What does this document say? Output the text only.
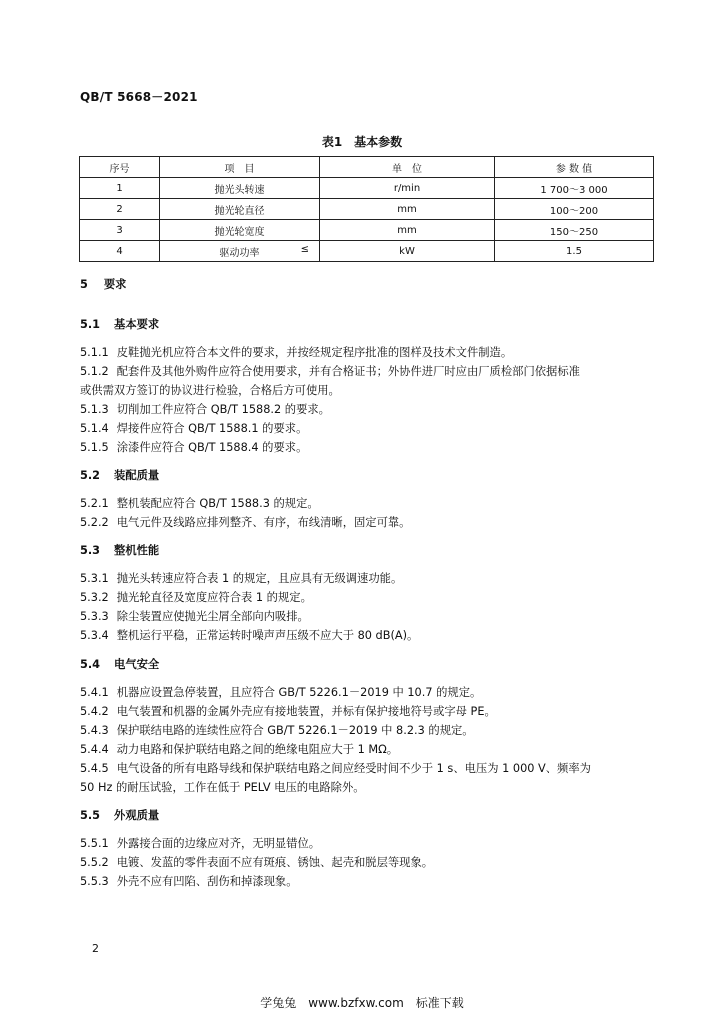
QB/T 5668－2021
表1　基本参数
序号	项　目	单　位	参 数 值
1	抛光头转速	r/min	1 700～3 000
2	抛光轮直径	mm	100～200
3	抛光轮宽度	mm	150～250
4	驱动功率 ≤	kW	1.5
5 要求
5.1 基本要求
5.1.1 皮鞋抛光机应符合本文件的要求，并按经规定程序批准的图样及技术文件制造。
5.1.2 配套件及其他外购件应符合使用要求，并有合格证书；外协件进厂时应由厂质检部门依据标准
或供需双方签订的协议进行检验，合格后方可使用。
5.1.3 切削加工件应符合 QB/T 1588.2 的要求。
5.1.4 焊接件应符合 QB/T 1588.1 的要求。
5.1.5 涂漆件应符合 QB/T 1588.4 的要求。
5.2 装配质量
5.2.1 整机装配应符合 QB/T 1588.3 的规定。
5.2.2 电气元件及线路应排列整齐、有序，布线清晰，固定可靠。
5.3 整机性能
5.3.1 抛光头转速应符合表 1 的规定，且应具有无级调速功能。
5.3.2 抛光轮直径及宽度应符合表 1 的规定。
5.3.3 除尘装置应使抛光尘屑全部向内吸排。
5.3.4 整机运行平稳，正常运转时噪声声压级不应大于 80 dB(A)。
5.4 电气安全
5.4.1 机器应设置急停装置，且应符合 GB/T 5226.1－2019 中 10.7 的规定。
5.4.2 电气装置和机器的金属外壳应有接地装置，并标有保护接地符号或字母 PE。
5.4.3 保护联结电路的连续性应符合 GB/T 5226.1－2019 中 8.2.3 的规定。
5.4.4 动力电路和保护联结电路之间的绝缘电阻应大于 1 MΩ。
5.4.5 电气设备的所有电路导线和保护联结电路之间应经受时间不少于 1 s、电压为 1 000 V、频率为
50 Hz 的耐压试验，工作在低于 PELV 电压的电路除外。
5.5 外观质量
5.5.1 外露接合面的边缘应对齐，无明显错位。
5.5.2 电镀、发蓝的零件表面不应有斑痕、锈蚀、起壳和脱层等现象。
5.5.3 外壳不应有凹陷、刮伤和掉漆现象。
2
学兔兔　www.bzfxw.com　标准下载
